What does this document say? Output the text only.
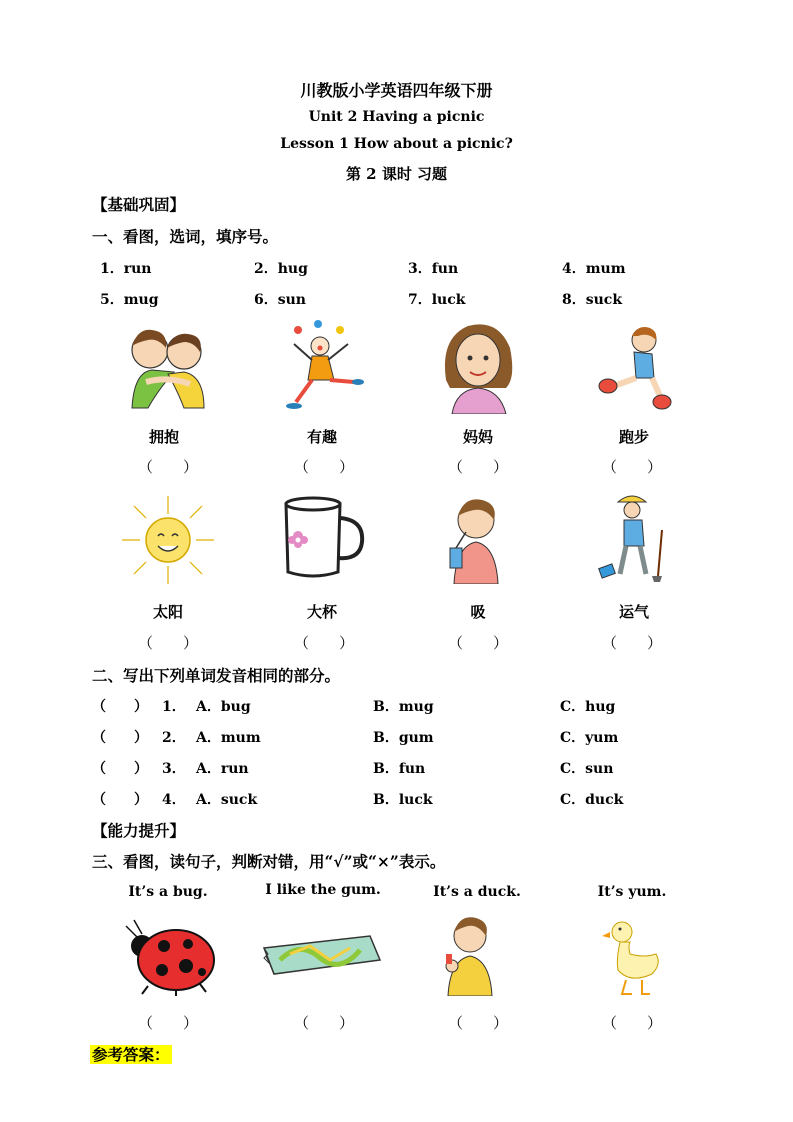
川教版小学英语四年级下册
Unit 2 Having a picnic
Lesson 1 How about a picnic?
第 2 课时 习题
【基础巩固】
一、看图，选词，填序号。
1．run	2．hug	3．fun	4．mum
5．mug	6．sun	7．luck	8．suck
拥抱	有趣	妈妈	跑步
（　　）	（　　）	（　　）	（　　）
太阳	大杯	吸	运气
（　　）	（　　）	（　　）	（　　）
二、写出下列单词发音相同的部分。
（　　） 1． A．bug	B．mug	C．hug
（　　） 2． A．mum	B．gum	C．yum
（　　） 3． A．run	B．fun	C．sun
（　　） 4． A．suck	B．luck	C．duck
【能力提升】
三、看图，读句子，判断对错，用“√”或“×”表示。
It’s a bug.	I like the gum.	It’s a duck.	It’s yum.
（　　）	（　　）	（　　）	（　　）
参考答案：
